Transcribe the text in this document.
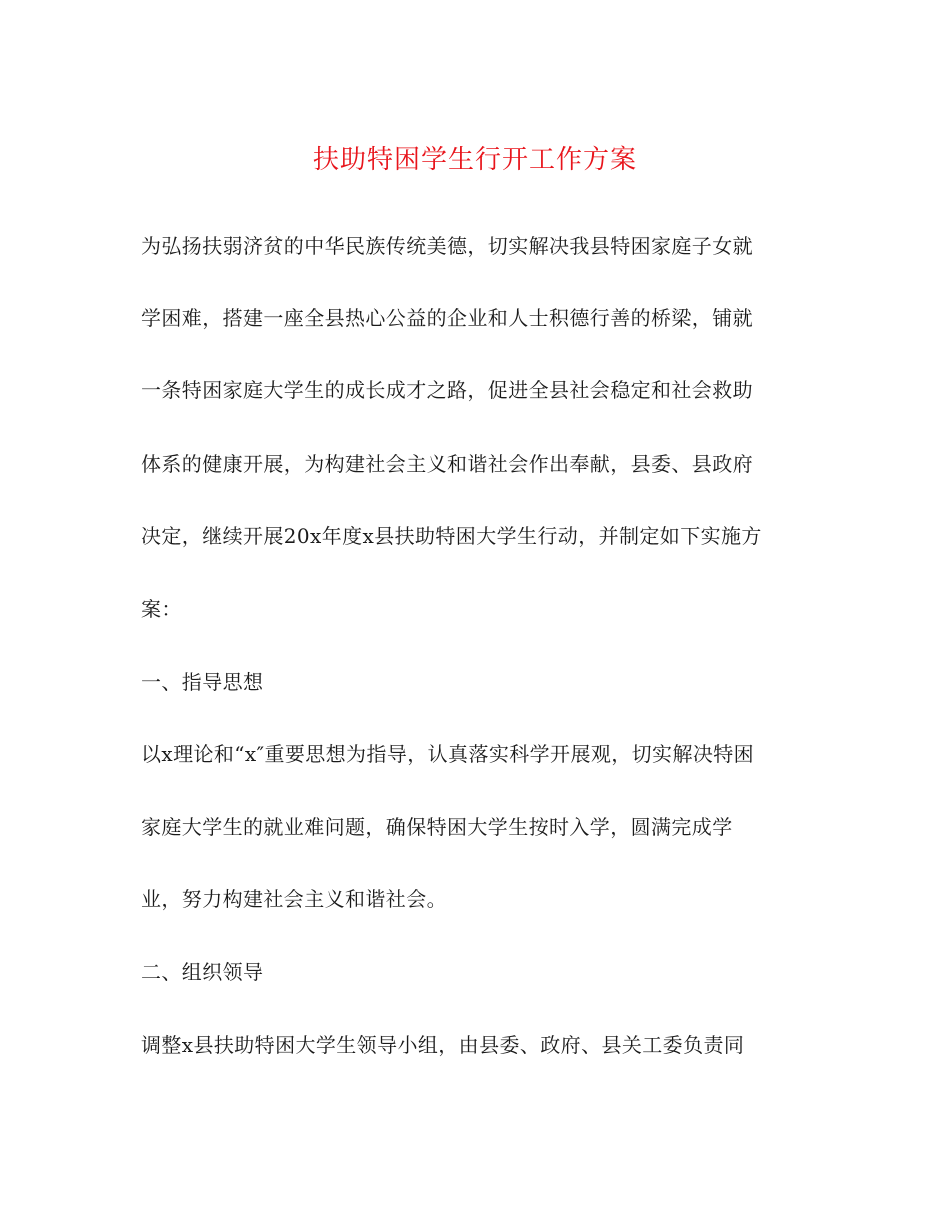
扶助特困学生行开工作方案
为弘扬扶弱济贫的中华民族传统美德，切实解决我县特困家庭子女就
学困难，搭建一座全县热心公益的企业和人士积德行善的桥梁，铺就
一条特困家庭大学生的成长成才之路，促进全县社会稳定和社会救助
体系的健康开展，为构建社会主义和谐社会作出奉献，县委、县政府
决定，继续开展20x年度x县扶助特困大学生行动，并制定如下实施方
案：
一、指导思想
以x理论和“x″重要思想为指导，认真落实科学开展观，切实解决特困
家庭大学生的就业难问题，确保特困大学生按时入学，圆满完成学
业，努力构建社会主义和谐社会。
二、组织领导
调整x县扶助特困大学生领导小组，由县委、政府、县关工委负责同
